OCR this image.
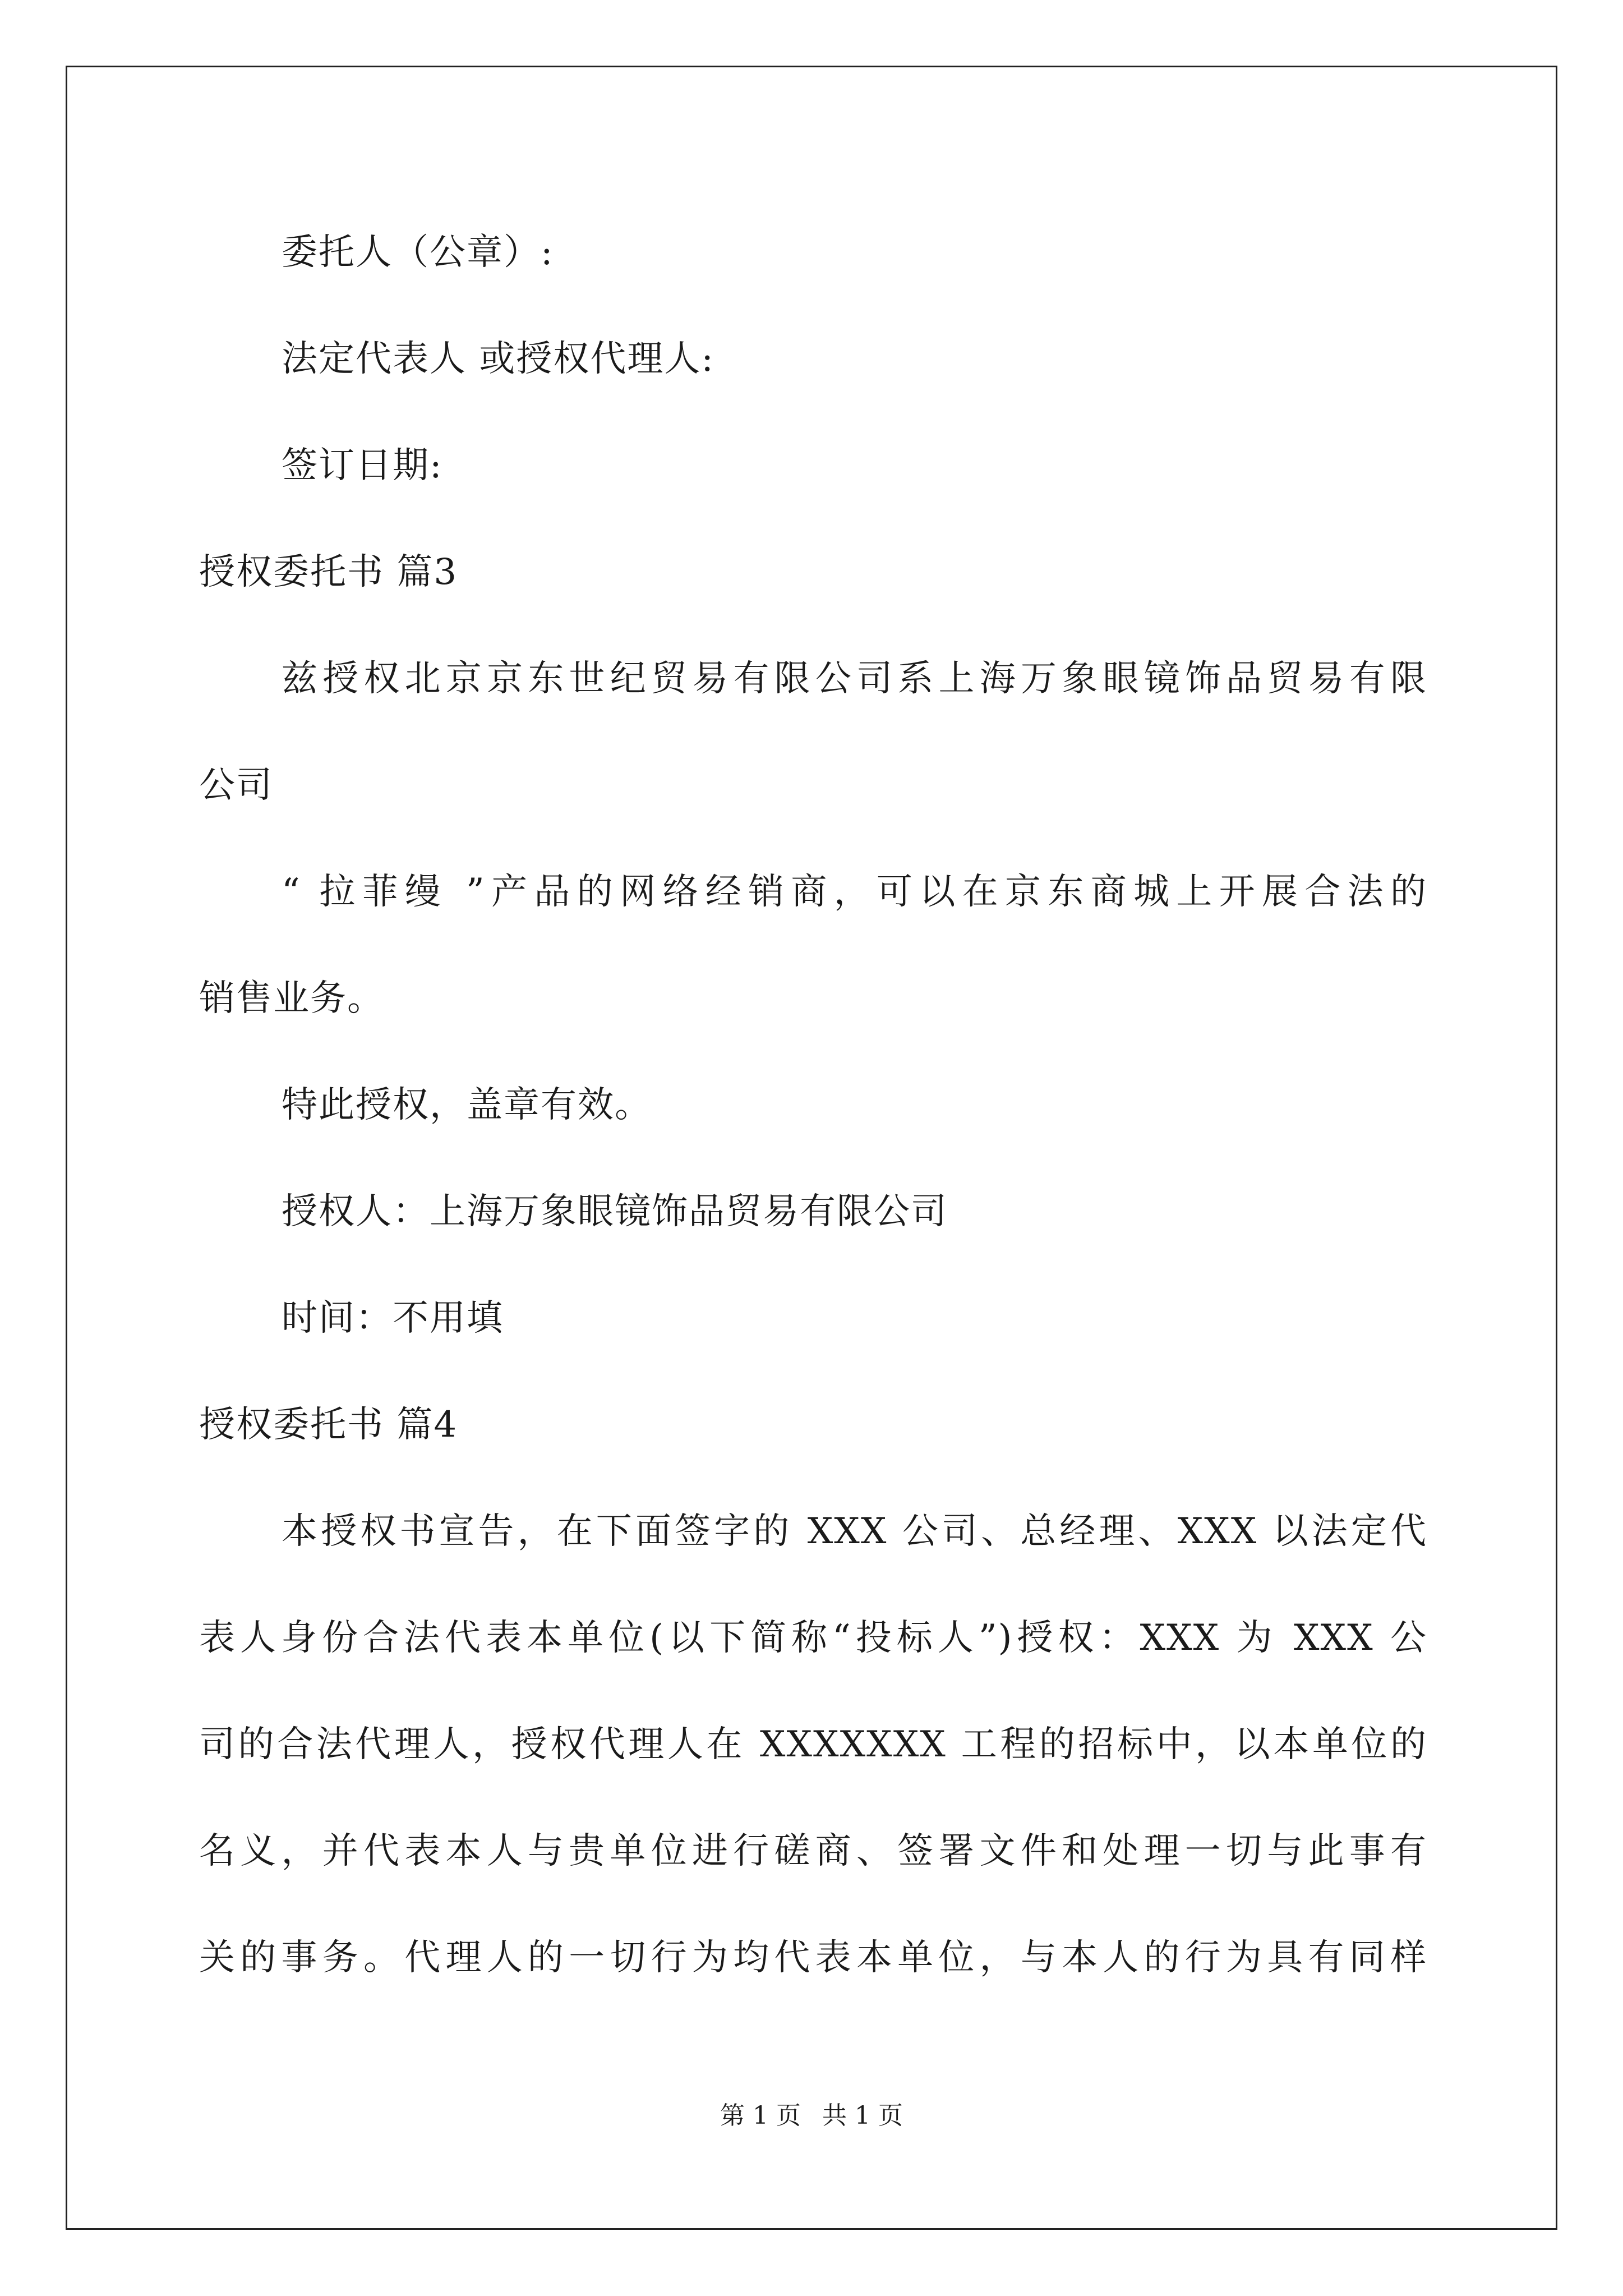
委托人（公章）:
法定代表人 或授权代理人:
签订日期:
授权委托书 篇3
兹授权北京京东世纪贸易有限公司系上海万象眼镜饰品贸易有限
公司
“ 拉菲缦 ”产品的网络经销商，可以在京东商城上开展合法的
销售业务。
特此授权，盖章有效。
授权人：上海万象眼镜饰品贸易有限公司
时间：不用填
授权委托书 篇4
本授权书宣告，在下面签字的 XXX 公司、总经理、XXX 以法定代
表人身份合法代表本单位(以下简称“投标人”)授权：XXX 为 XXX 公
司的合法代理人，授权代理人在 XXXXXXX 工程的招标中，以本单位的
名义，并代表本人与贵单位进行磋商、签署文件和处理一切与此事有
关的事务。代理人的一切行为均代表本单位，与本人的行为具有同样
第 1 页 共 1 页
